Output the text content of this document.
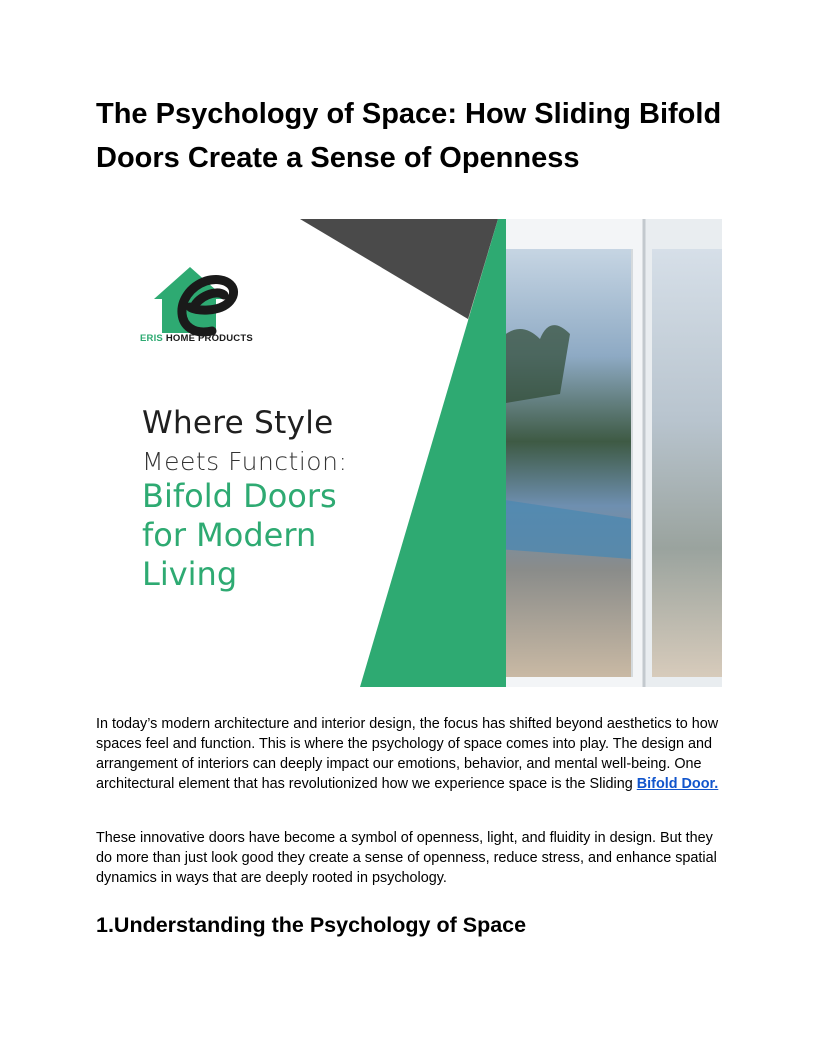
The Psychology of Space: How Sliding Bifold Doors Create a Sense of Openness
ERIS HOME PRODUCTS

Where Style

Meets Function:

Bifold Doors
for Modern
Living

In today’s modern architecture and interior design, the focus has shifted beyond aesthetics to how spaces feel and function. This is where the psychology of space comes into play. The design and arrangement of interiors can deeply impact our emotions, behavior, and mental well-being. One architectural element that has revolutionized how we experience space is the Sliding Bifold Door.

These innovative doors have become a symbol of openness, light, and fluidity in design. But they do more than just look good they create a sense of openness, reduce stress, and enhance spatial dynamics in ways that are deeply rooted in psychology.

1.Understanding the Psychology of Space
